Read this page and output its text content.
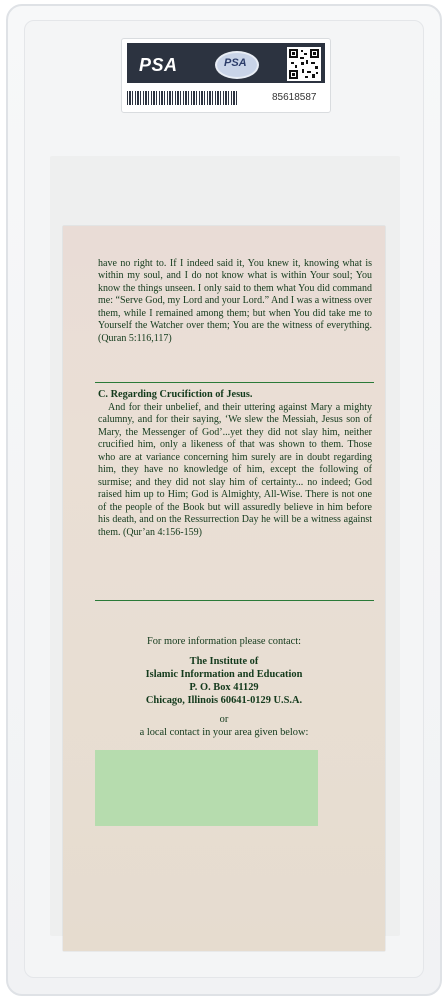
PSA	PSA
85618587

have no right to. If I indeed said it, You knew it, knowing what is within my soul, and I do not know what is within Your soul; You know the things unseen. I only said to them what You did command me: “Serve God, my Lord and your Lord.” And I was a witness over them, while I remained among them; but when You did take me to Yourself the Watcher over them; You are the witness of everything. (Quran 5:116,117)

C. Regarding Crucifiction of Jesus.

And for their unbelief, and their uttering against Mary a mighty calumny, and for their saying, ‘We slew the Messiah, Jesus son of Mary, the Messenger of God’...yet they did not slay him, neither crucified him, only a likeness of that was shown to them. Those who are at variance concerning him surely are in doubt regarding him, they have no knowledge of him, except the following of surmise; and they did not slay him of certainty... no indeed; God raised him up to Him; God is Almighty, All-Wise. There is not one of the people of the Book but will assuredly believe in him before his death, and on the Ressurrection Day he will be a witness against them. (Qur’an 4:156-159)

For more information please contact:

The Institute of

Islamic Information and Education

P. O. Box 41129

Chicago, Illinois 60641-0129 U.S.A.

or

a local contact in your area given below:
